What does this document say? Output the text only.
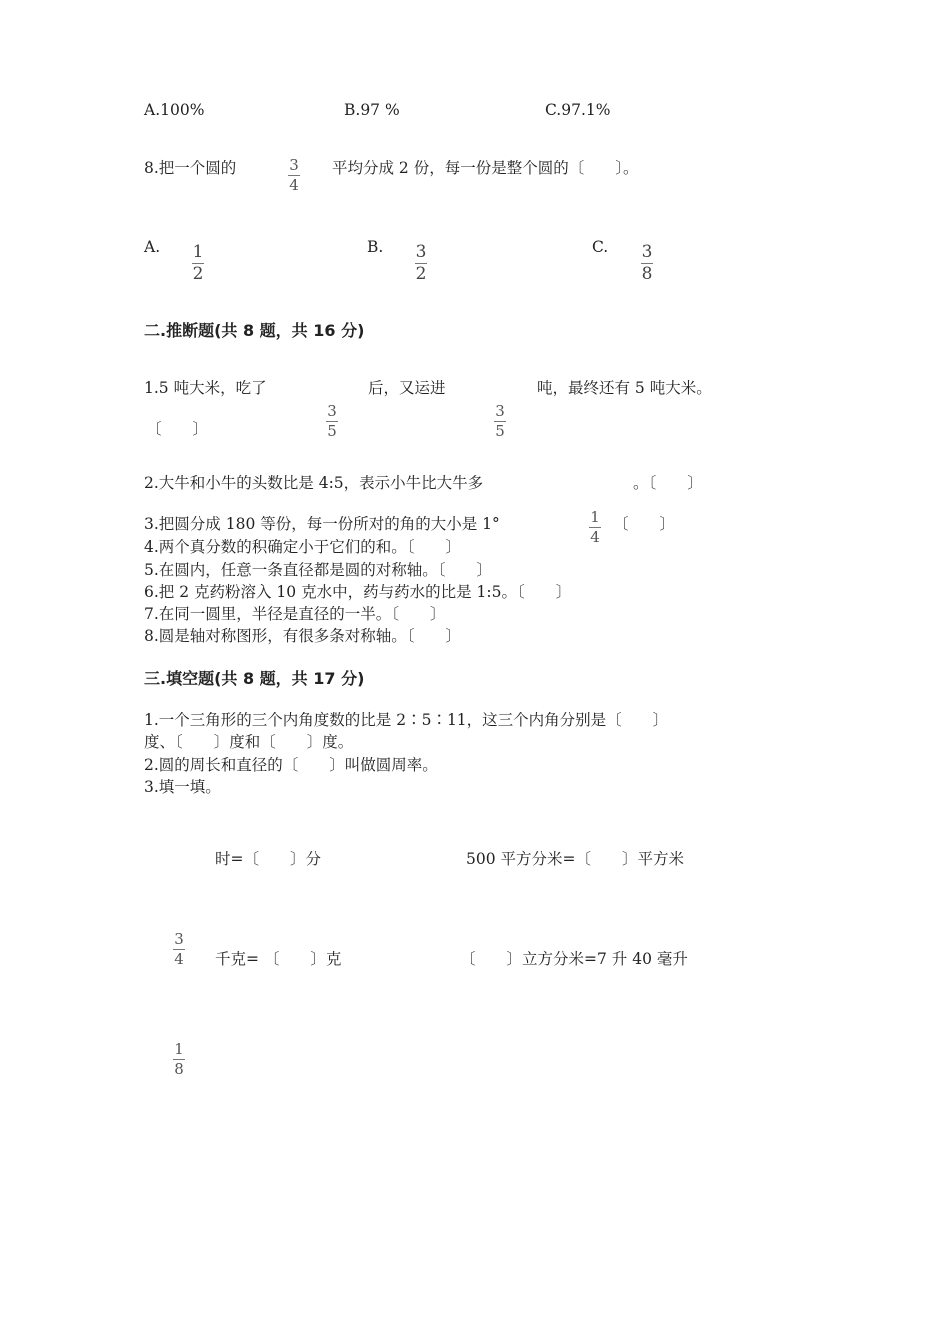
A.100%	B.97 %	C.97.1%
8.把一个圆的	3
4
平均分成 2 份，每一份是整个圆的〔　　〕。
A. 1
2
B. 3
2
C. 3
8
二.推断题(共 8 题，共 16 分)
1.5 吨大米，吃了	后，又运进	吨，最终还有 5 吨大米。
〔　　〕
3
5
3
5
2.大牛和小牛的头数比是 4:5，表示小牛比大牛多	。〔　　〕
3.把圆分成 180 等份，每一份所对的角的大小是 1°	1
4
〔　　〕
4.两个真分数的积确定小于它们的和。〔　　〕
5.在圆内，任意一条直径都是圆的对称轴。〔　　〕
6.把 2 克药粉溶入 10 克水中，药与药水的比是 1:5。〔　　〕
7.在同一圆里，半径是直径的一半。〔　　〕
8.圆是轴对称图形，有很多条对称轴。〔　　〕
三.填空题(共 8 题，共 17 分)
1.一个三角形的三个内角度数的比是 2∶5∶11，这三个内角分别是〔　　〕
度、〔　　〕度和〔　　〕度。
2.圆的周长和直径的〔　　〕叫做圆周率。
3.填一填。
时=〔　　〕分	500 平方分米=〔　　〕平方米
3
4 千克= 〔　　〕克	〔　　〕立方分米=7 升 40 毫升
1
8
